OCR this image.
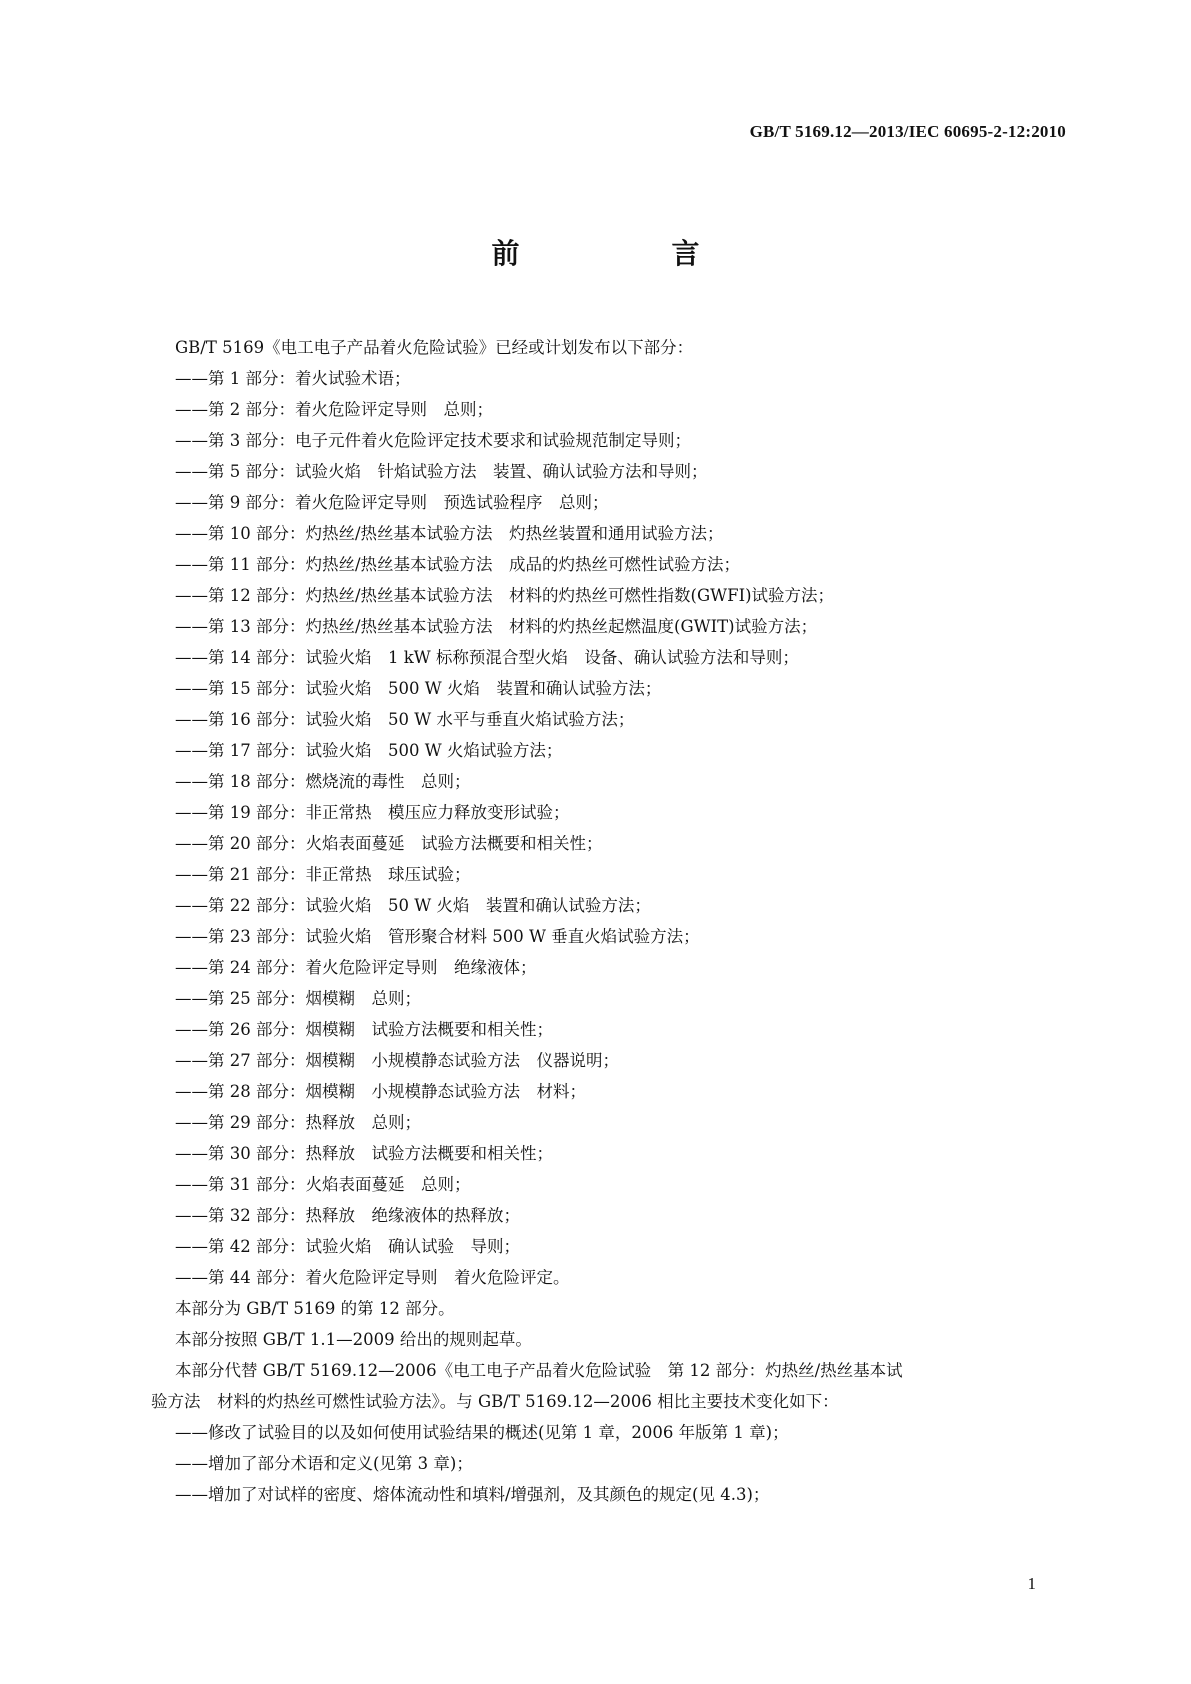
GB/T 5169.12—2013/IEC 60695-2-12:2010
前　言
GB/T 5169《电工电子产品着火危险试验》已经或计划发布以下部分：
——第 1 部分：着火试验术语；
——第 2 部分：着火危险评定导则　总则；
——第 3 部分：电子元件着火危险评定技术要求和试验规范制定导则；
——第 5 部分：试验火焰　针焰试验方法　装置、确认试验方法和导则；
——第 9 部分：着火危险评定导则　预选试验程序　总则；
——第 10 部分：灼热丝/热丝基本试验方法　灼热丝装置和通用试验方法；
——第 11 部分：灼热丝/热丝基本试验方法　成品的灼热丝可燃性试验方法；
——第 12 部分：灼热丝/热丝基本试验方法　材料的灼热丝可燃性指数(GWFI)试验方法；
——第 13 部分：灼热丝/热丝基本试验方法　材料的灼热丝起燃温度(GWIT)试验方法；
——第 14 部分：试验火焰　1 kW 标称预混合型火焰　设备、确认试验方法和导则；
——第 15 部分：试验火焰　500 W 火焰　装置和确认试验方法；
——第 16 部分：试验火焰　50 W 水平与垂直火焰试验方法；
——第 17 部分：试验火焰　500 W 火焰试验方法；
——第 18 部分：燃烧流的毒性　总则；
——第 19 部分：非正常热　模压应力释放变形试验；
——第 20 部分：火焰表面蔓延　试验方法概要和相关性；
——第 21 部分：非正常热　球压试验；
——第 22 部分：试验火焰　50 W 火焰　装置和确认试验方法；
——第 23 部分：试验火焰　管形聚合材料 500 W 垂直火焰试验方法；
——第 24 部分：着火危险评定导则　绝缘液体；
——第 25 部分：烟模糊　总则；
——第 26 部分：烟模糊　试验方法概要和相关性；
——第 27 部分：烟模糊　小规模静态试验方法　仪器说明；
——第 28 部分：烟模糊　小规模静态试验方法　材料；
——第 29 部分：热释放　总则；
——第 30 部分：热释放　试验方法概要和相关性；
——第 31 部分：火焰表面蔓延　总则；
——第 32 部分：热释放　绝缘液体的热释放；
——第 42 部分：试验火焰　确认试验　导则；
——第 44 部分：着火危险评定导则　着火危险评定。
本部分为 GB/T 5169 的第 12 部分。
本部分按照 GB/T 1.1—2009 给出的规则起草。
本部分代替 GB/T 5169.12—2006《电工电子产品着火危险试验　第 12 部分：灼热丝/热丝基本试
验方法　材料的灼热丝可燃性试验方法》。与 GB/T 5169.12—2006 相比主要技术变化如下：
——修改了试验目的以及如何使用试验结果的概述(见第 1 章，2006 年版第 1 章)；
——增加了部分术语和定义(见第 3 章)；
——增加了对试样的密度、熔体流动性和填料/增强剂，及其颜色的规定(见 4.3)；
1
